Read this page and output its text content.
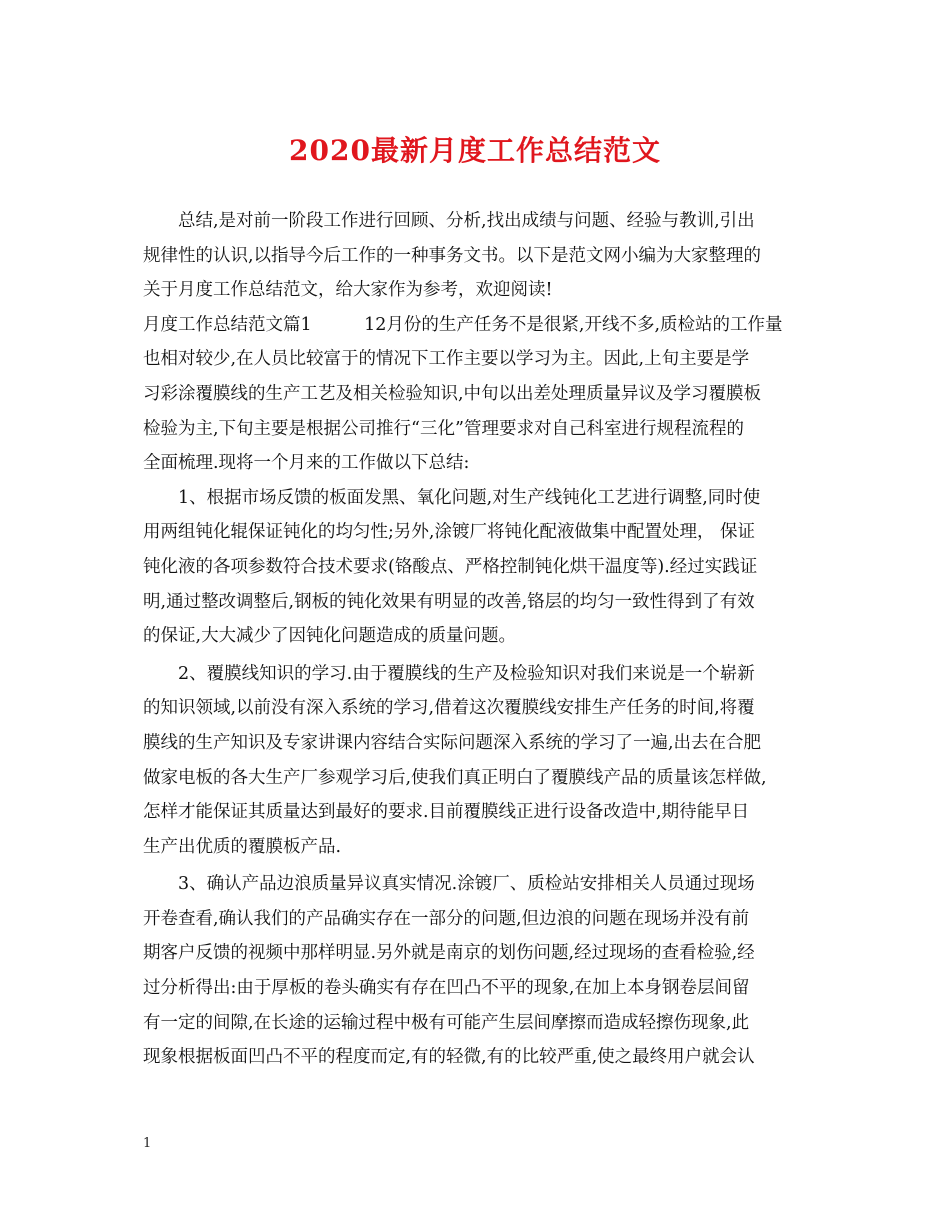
2020最新月度工作总结范文
　　总结,是对前一阶段工作进行回顾、分析,找出成绩与问题、经验与教训,引出
规律性的认识,以指导今后工作的一种事务文书。以下是范文网小编为大家整理的
关于月度工作总结范文，给大家作为参考，欢迎阅读!
月度工作总结范文篇1　　　12月份的生产任务不是很紧,开线不多,质检站的工作量
也相对较少,在人员比较富于的情况下工作主要以学习为主。因此,上旬主要是学
习彩涂覆膜线的生产工艺及相关检验知识,中旬以出差处理质量异议及学习覆膜板
检验为主,下旬主要是根据公司推行“三化”管理要求对自己科室进行规程流程的
全面梳理.现将一个月来的工作做以下总结:
　　1、根据市场反馈的板面发黑、氧化问题,对生产线钝化工艺进行调整,同时使
用两组钝化辊保证钝化的均匀性;另外,涂镀厂将钝化配液做集中配置处理， 保证
钝化液的各项参数符合技术要求(铬酸点、严格控制钝化烘干温度等).经过实践证
明,通过整改调整后,钢板的钝化效果有明显的改善,铬层的均匀一致性得到了有效
的保证,大大减少了因钝化问题造成的质量问题。
　　2、覆膜线知识的学习.由于覆膜线的生产及检验知识对我们来说是一个崭新
的知识领域,以前没有深入系统的学习,借着这次覆膜线安排生产任务的时间,将覆
膜线的生产知识及专家讲课内容结合实际问题深入系统的学习了一遍,出去在合肥
做家电板的各大生产厂参观学习后,使我们真正明白了覆膜线产品的质量该怎样做,
怎样才能保证其质量达到最好的要求.目前覆膜线正进行设备改造中,期待能早日
生产出优质的覆膜板产品.
　　3、确认产品边浪质量异议真实情况.涂镀厂、质检站安排相关人员通过现场
开卷查看,确认我们的产品确实存在一部分的问题,但边浪的问题在现场并没有前
期客户反馈的视频中那样明显.另外就是南京的划伤问题,经过现场的查看检验,经
过分析得出:由于厚板的卷头确实有存在凹凸不平的现象,在加上本身钢卷层间留
有一定的间隙,在长途的运输过程中极有可能产生层间摩擦而造成轻擦伤现象,此
现象根据板面凹凸不平的程度而定,有的轻微,有的比较严重,使之最终用户就会认
1
